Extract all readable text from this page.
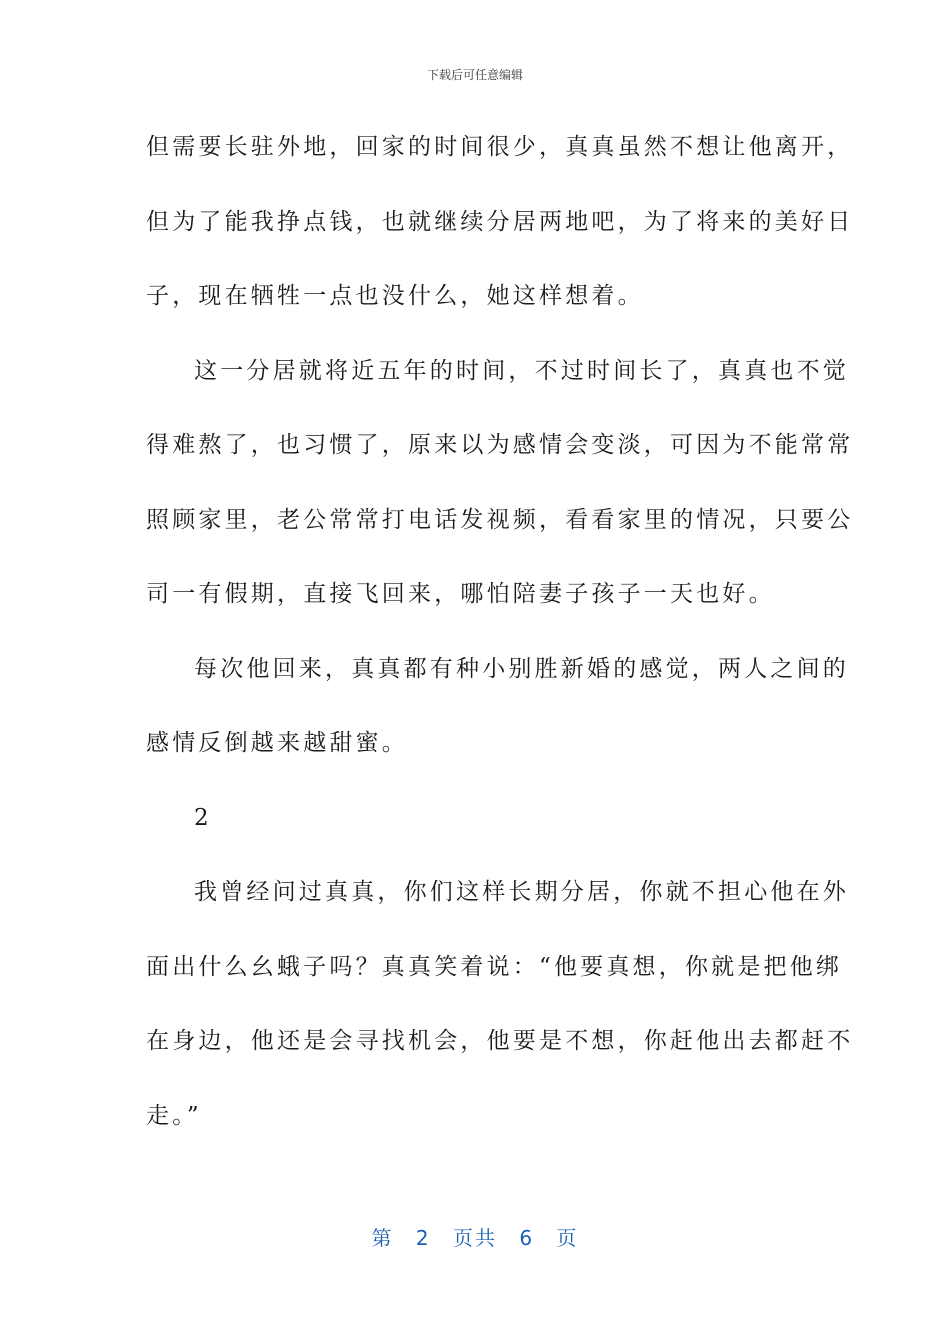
下载后可任意编辑
但需要长驻外地，回家的时间很少，真真虽然不想让他离开，
但为了能我挣点钱，也就继续分居两地吧，为了将来的美好日
子，现在牺牲一点也没什么，她这样想着。
这一分居就将近五年的时间，不过时间长了，真真也不觉
得难熬了，也习惯了，原来以为感情会变淡，可因为不能常常
照顾家里，老公常常打电话发视频，看看家里的情况，只要公
司一有假期，直接飞回来，哪怕陪妻子孩子一天也好。
每次他回来，真真都有种小别胜新婚的感觉，两人之间的
感情反倒越来越甜蜜。
2
我曾经问过真真，你们这样长期分居，你就不担心他在外
面出什么幺蛾子吗？真真笑着说：“他要真想，你就是把他绑
在身边，他还是会寻找机会，他要是不想，你赶他出去都赶不
走。”
第 2 页共 6 页
